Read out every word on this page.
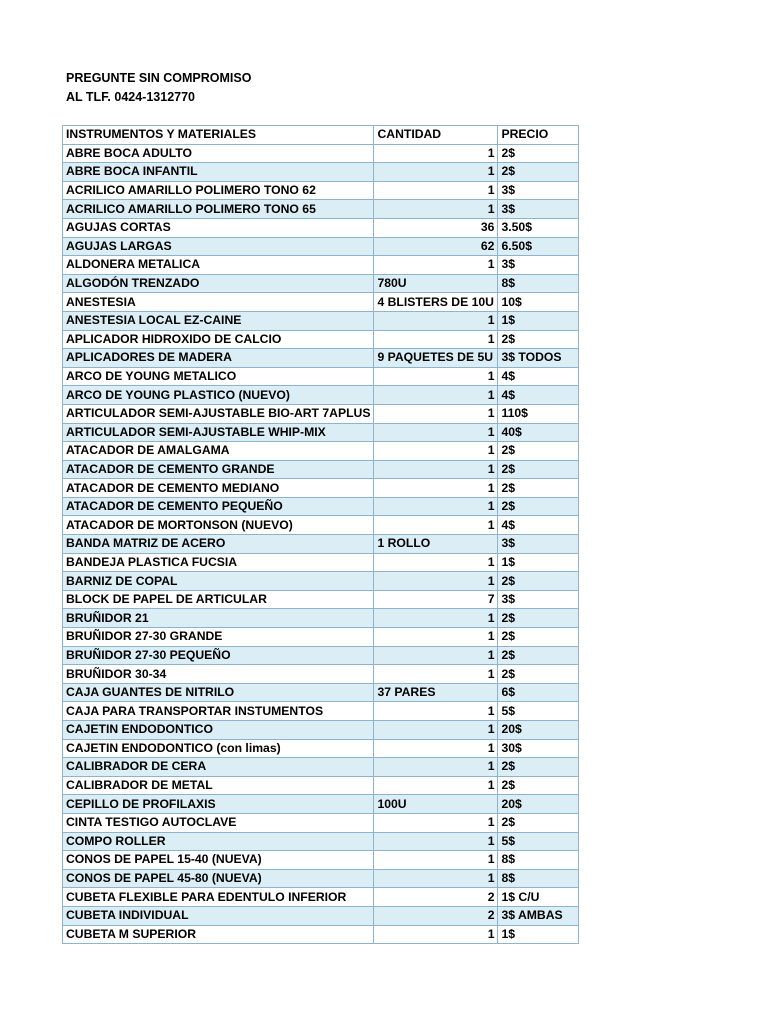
PREGUNTE SIN COMPROMISO
AL TLF. 0424-1312770
INSTRUMENTOS Y MATERIALES	CANTIDAD	PRECIO
ABRE BOCA ADULTO	1	2$
ABRE BOCA INFANTIL	1	2$
ACRILICO AMARILLO POLIMERO TONO 62	1	3$
ACRILICO AMARILLO POLIMERO TONO 65	1	3$
AGUJAS CORTAS	36	3.50$
AGUJAS LARGAS	62	6.50$
ALDONERA METALICA	1	3$
ALGODÓN TRENZADO	780U	8$
ANESTESIA	4 BLISTERS DE 10U	10$
ANESTESIA LOCAL EZ-CAINE	1	1$
APLICADOR HIDROXIDO DE CALCIO	1	2$
APLICADORES DE MADERA	9 PAQUETES DE 5U	3$ TODOS
ARCO DE YOUNG METALICO	1	4$
ARCO DE YOUNG PLASTICO (NUEVO)	1	4$
ARTICULADOR SEMI-AJUSTABLE BIO-ART 7APLUS	1	110$
ARTICULADOR SEMI-AJUSTABLE WHIP-MIX	1	40$
ATACADOR DE AMALGAMA	1	2$
ATACADOR DE CEMENTO GRANDE	1	2$
ATACADOR DE CEMENTO MEDIANO	1	2$
ATACADOR DE CEMENTO PEQUEÑO	1	2$
ATACADOR DE MORTONSON (NUEVO)	1	4$
BANDA MATRIZ DE ACERO	1 ROLLO	3$
BANDEJA PLASTICA FUCSIA	1	1$
BARNIZ DE COPAL	1	2$
BLOCK DE PAPEL DE ARTICULAR	7	3$
BRUÑIDOR 21	1	2$
BRUÑIDOR 27-30 GRANDE	1	2$
BRUÑIDOR 27-30 PEQUEÑO	1	2$
BRUÑIDOR 30-34	1	2$
CAJA GUANTES DE NITRILO	37 PARES	6$
CAJA PARA TRANSPORTAR INSTUMENTOS	1	5$
CAJETIN ENDODONTICO	1	20$
CAJETIN ENDODONTICO (con limas)	1	30$
CALIBRADOR DE CERA	1	2$
CALIBRADOR DE METAL	1	2$
CEPILLO DE PROFILAXIS	100U	20$
CINTA TESTIGO AUTOCLAVE	1	2$
COMPO ROLLER	1	5$
CONOS DE PAPEL 15-40 (NUEVA)	1	8$
CONOS DE PAPEL 45-80 (NUEVA)	1	8$
CUBETA FLEXIBLE PARA EDENTULO INFERIOR	2	1$ C/U
CUBETA INDIVIDUAL	2	3$ AMBAS
CUBETA M SUPERIOR	1	1$
